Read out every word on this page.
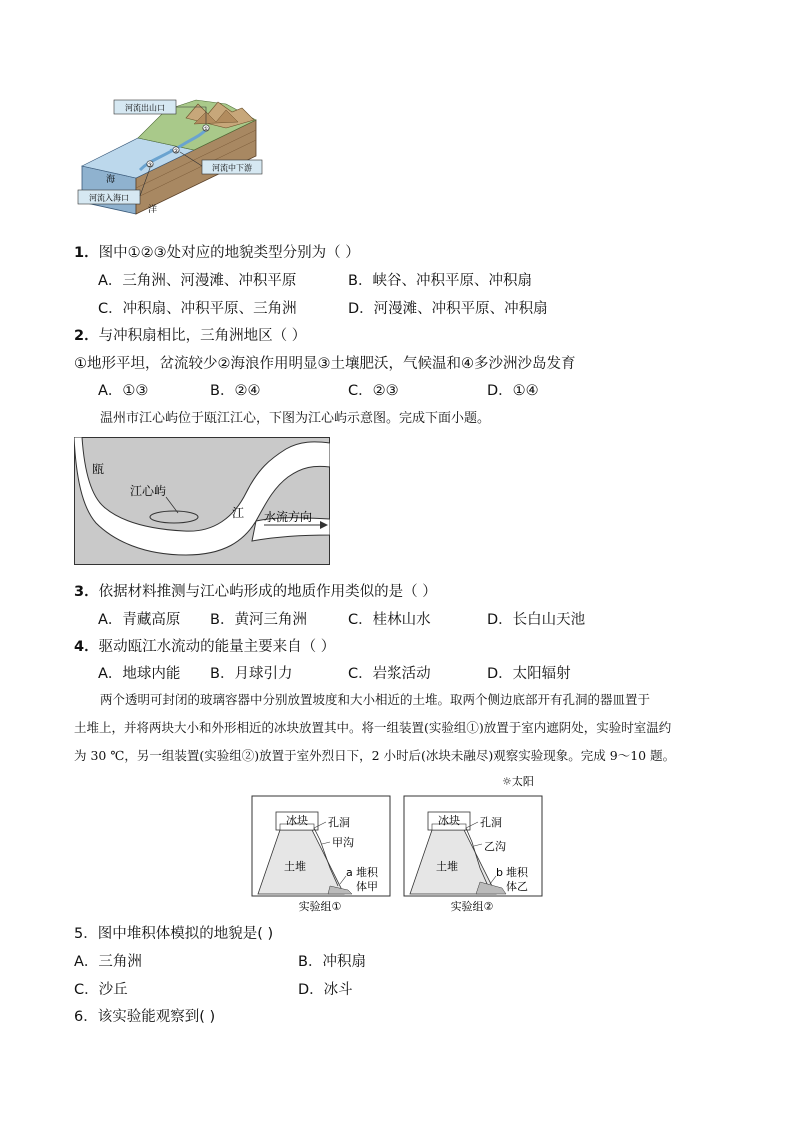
河流出山口
河流中下游
河流入海口
海
洋
①
②
③
1．图中①②③处对应的地貌类型分别为（ ）
A．三角洲、河漫滩、冲积平原	B．峡谷、冲积平原、冲积扇
C．冲积扇、冲积平原、三角洲	D．河漫滩、冲积平原、冲积扇
2．与冲积扇相比，三角洲地区（ ）
①地形平坦，岔流较少②海浪作用明显③土壤肥沃，气候温和④多沙洲沙岛发育
A．①③	B．②④	C．②③	D．①④
温州市江心屿位于瓯江江心，下图为江心屿示意图。完成下面小题。
瓯
江心屿
江 水流方向
3．依据材料推测与江心屿形成的地质作用类似的是（ ）
A．青藏高原 B．黄河三角洲	C．桂林山水	D．长白山天池
4．驱动瓯江水流动的能量主要来自（ ）
A．地球内能 B．月球引力	C．岩浆活动	D．太阳辐射
两个透明可封闭的玻璃容器中分别放置坡度和大小相近的土堆。取两个侧边底部开有孔洞的器皿置于
土堆上，并将两块大小和外形相近的冰块放置其中。将一组装置(实验组①)放置于室内遮阴处，实验时室温约
为 30 ℃，另一组装置(实验组②)放置于室外烈日下，2 小时后(冰块未融尽)观察实验现象。完成 9～10 题。
☼太阳
冰块 孔洞
甲沟
土堆	a 堆积
体甲
实验组①
冰块 孔洞
乙沟
土堆	b 堆积
体乙
实验组②
5．图中堆积体模拟的地貌是( )
A．三角洲	B．冲积扇
C．沙丘	D．冰斗
6．该实验能观察到( )
